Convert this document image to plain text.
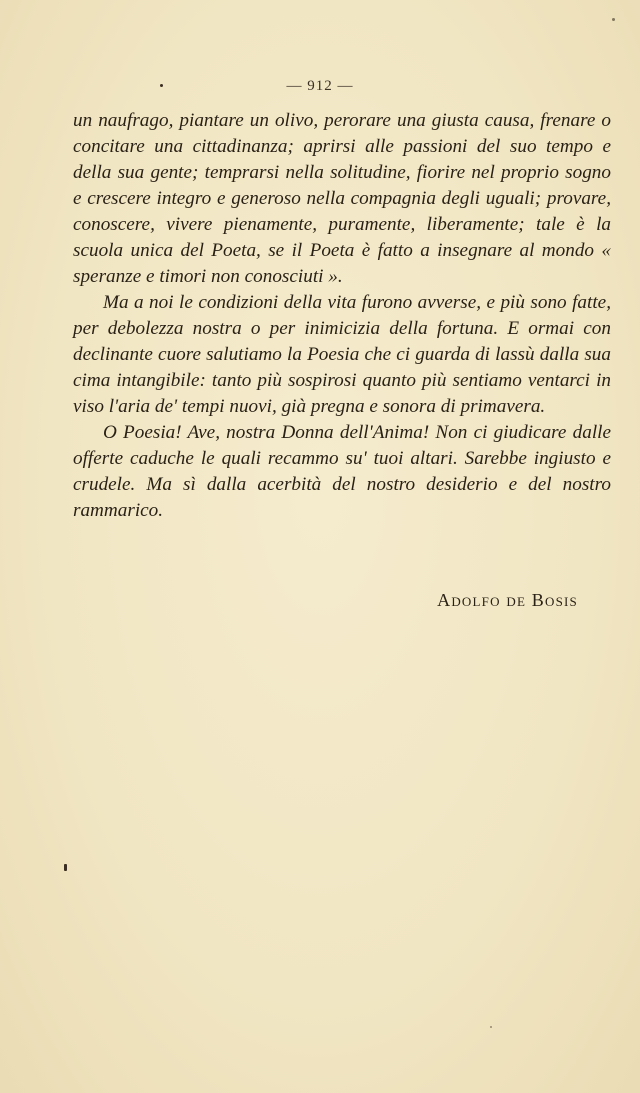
— 912 —

un naufrago, piantare un olivo, perorare una giusta causa, frenare o concitare una cittadinanza; aprirsi alle passioni del suo tempo e della sua gente; temprarsi nella solitudine, fiorire nel proprio sogno e crescere integro e generoso nella compagnia degli uguali; provare, conoscere, vivere pienamente, puramente, liberamente; tale è la scuola unica del Poeta, se il Poeta è fatto a insegnare al mondo « speranze e timori non conosciuti ».

Ma a noi le condizioni della vita furono avverse, e più sono fatte, per debolezza nostra o per inimicizia della fortuna. E ormai con declinante cuore salutiamo la Poesia che ci guarda di lassù dalla sua cima intangibile: tanto più sospirosi quanto più sentiamo ventarci in viso l'aria de' tempi nuovi, già pregna e sonora di primavera.

O Poesia! Ave, nostra Donna dell'Anima! Non ci giudicare dalle offerte caduche le quali recammo su' tuoi altari. Sarebbe ingiusto e crudele. Ma sì dalla acerbità del nostro desiderio e del nostro rammarico.

Adolfo de Bosis
